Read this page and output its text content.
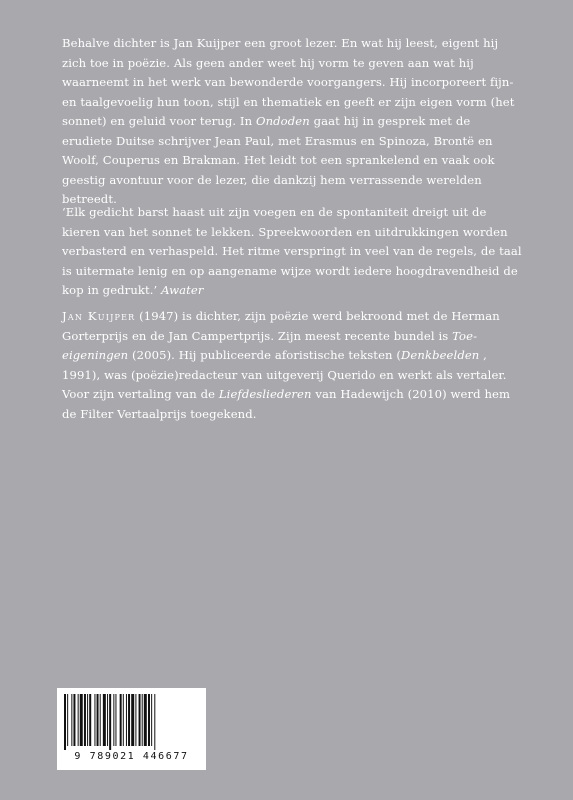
Behalve dichter is Jan Kuijper een groot lezer. En wat hij leest, eigent hij zich toe in poëzie. Als geen ander weet hij vorm te geven aan wat hij waarneemt in het werk van bewonderde voorgangers. Hij incorporeert fijn- en taalgevoelig hun toon, stijl en thematiek en geeft er zijn eigen vorm (het sonnet) en geluid voor terug. In Ondoden gaat hij in gesprek met de erudiete Duitse schrijver Jean Paul, met Erasmus en Spinoza, Brontë en Woolf, Couperus en Brakman. Het leidt tot een sprankelend en vaak ook geestig avontuur voor de lezer, die dankzij hem verrassende werelden betreedt.
‘Elk gedicht barst haast uit zijn voegen en de spontaniteit dreigt uit de kieren van het sonnet te lekken. Spreekwoorden en uitdrukkingen worden verbasterd en verhaspeld. Het ritme verspringt in veel van de regels, de taal is uitermate lenig en op aangename wijze wordt iedere hoogdravendheid de kop in gedrukt.’ Awater
Jan Kuijper (1947) is dichter, zijn poëzie werd bekroond met de Herman Gorterprijs en de Jan Campertprijs. Zijn meest recente bundel is Toe-eigeningen (2005). Hij publiceerde aforistische teksten (Denkbeelden , 1991), was (poëzie)redacteur van uitgeverij Querido en werkt als vertaler. Voor zijn vertaling van de Liefdesliederen van Hadewijch (2010) werd hem de Filter Vertaalprijs toegekend.
9 789021 446677
